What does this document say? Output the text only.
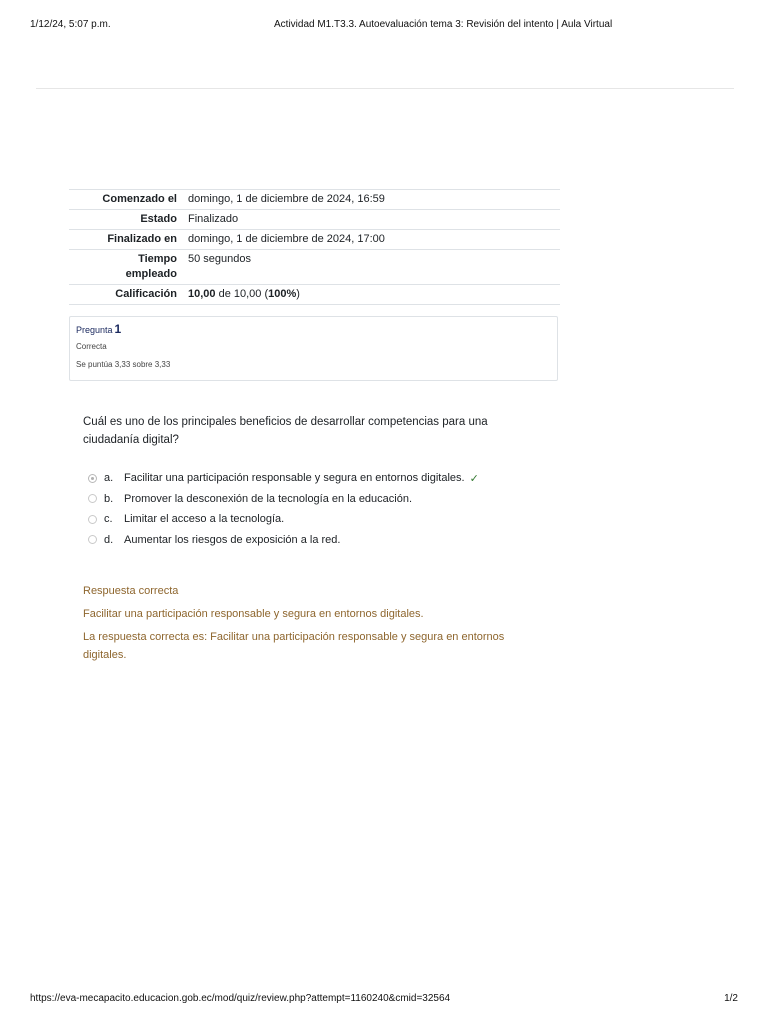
1/12/24, 5:07 p.m.	Actividad M1.T3.3. Autoevaluación tema 3: Revisión del intento | Aula Virtual
Comenzado el	domingo, 1 de diciembre de 2024, 16:59
Estado	Finalizado
Finalizado en	domingo, 1 de diciembre de 2024, 17:00
Tiempo empleado	50 segundos
Calificación	10,00 de 10,00 (100%)
Pregunta 1
Correcta
Se puntúa 3,33 sobre 3,33
Cuál es uno de los principales beneficios de desarrollar competencias para una ciudadanía digital?
a. Facilitar una participación responsable y segura en entornos digitales. ✓
b. Promover la desconexión de la tecnología en la educación.
c.	Limitar el acceso a la tecnología.
d. Aumentar los riesgos de exposición a la red.
Respuesta correcta
Facilitar una participación responsable y segura en entornos digitales.
La respuesta correcta es: Facilitar una participación responsable y segura en entornos digitales.
https://eva-mecapacito.educacion.gob.ec/mod/quiz/review.php?attempt=1160240&cmid=32564	1/2
